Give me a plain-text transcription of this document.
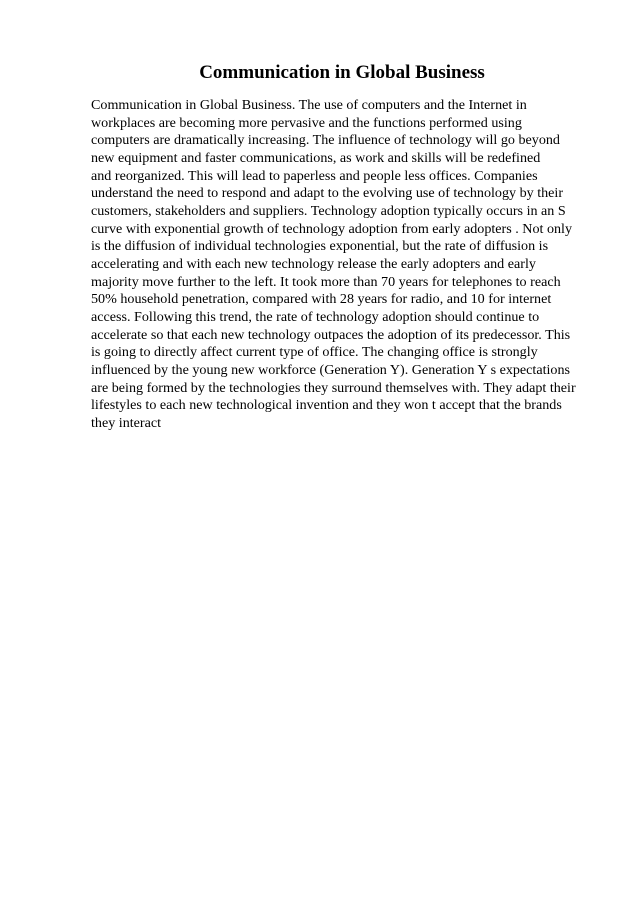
Communication in Global Business
Communication in Global Business. The use of computers and the Internet in
workplaces are becoming more pervasive and the functions performed using
computers are dramatically increasing. The influence of technology will go beyond
new equipment and faster communications, as work and skills will be redefined
and reorganized. This will lead to paperless and people less offices. Companies
understand the need to respond and adapt to the evolving use of technology by their
customers, stakeholders and suppliers. Technology adoption typically occurs in an S
curve with exponential growth of technology adoption from early adopters . Not only
is the diffusion of individual technologies exponential, but the rate of diffusion is
accelerating and with each new technology release the early adopters and early
majority move further to the left. It took more than 70 years for telephones to reach
50% household penetration, compared with 28 years for radio, and 10 for internet
access. Following this trend, the rate of technology adoption should continue to
accelerate so that each new technology outpaces the adoption of its predecessor. This
is going to directly affect current type of office. The changing office is strongly
influenced by the young new workforce (Generation Y). Generation Y s expectations
are being formed by the technologies they surround themselves with. They adapt their
lifestyles to each new technological invention and they won t accept that the brands
they interact
